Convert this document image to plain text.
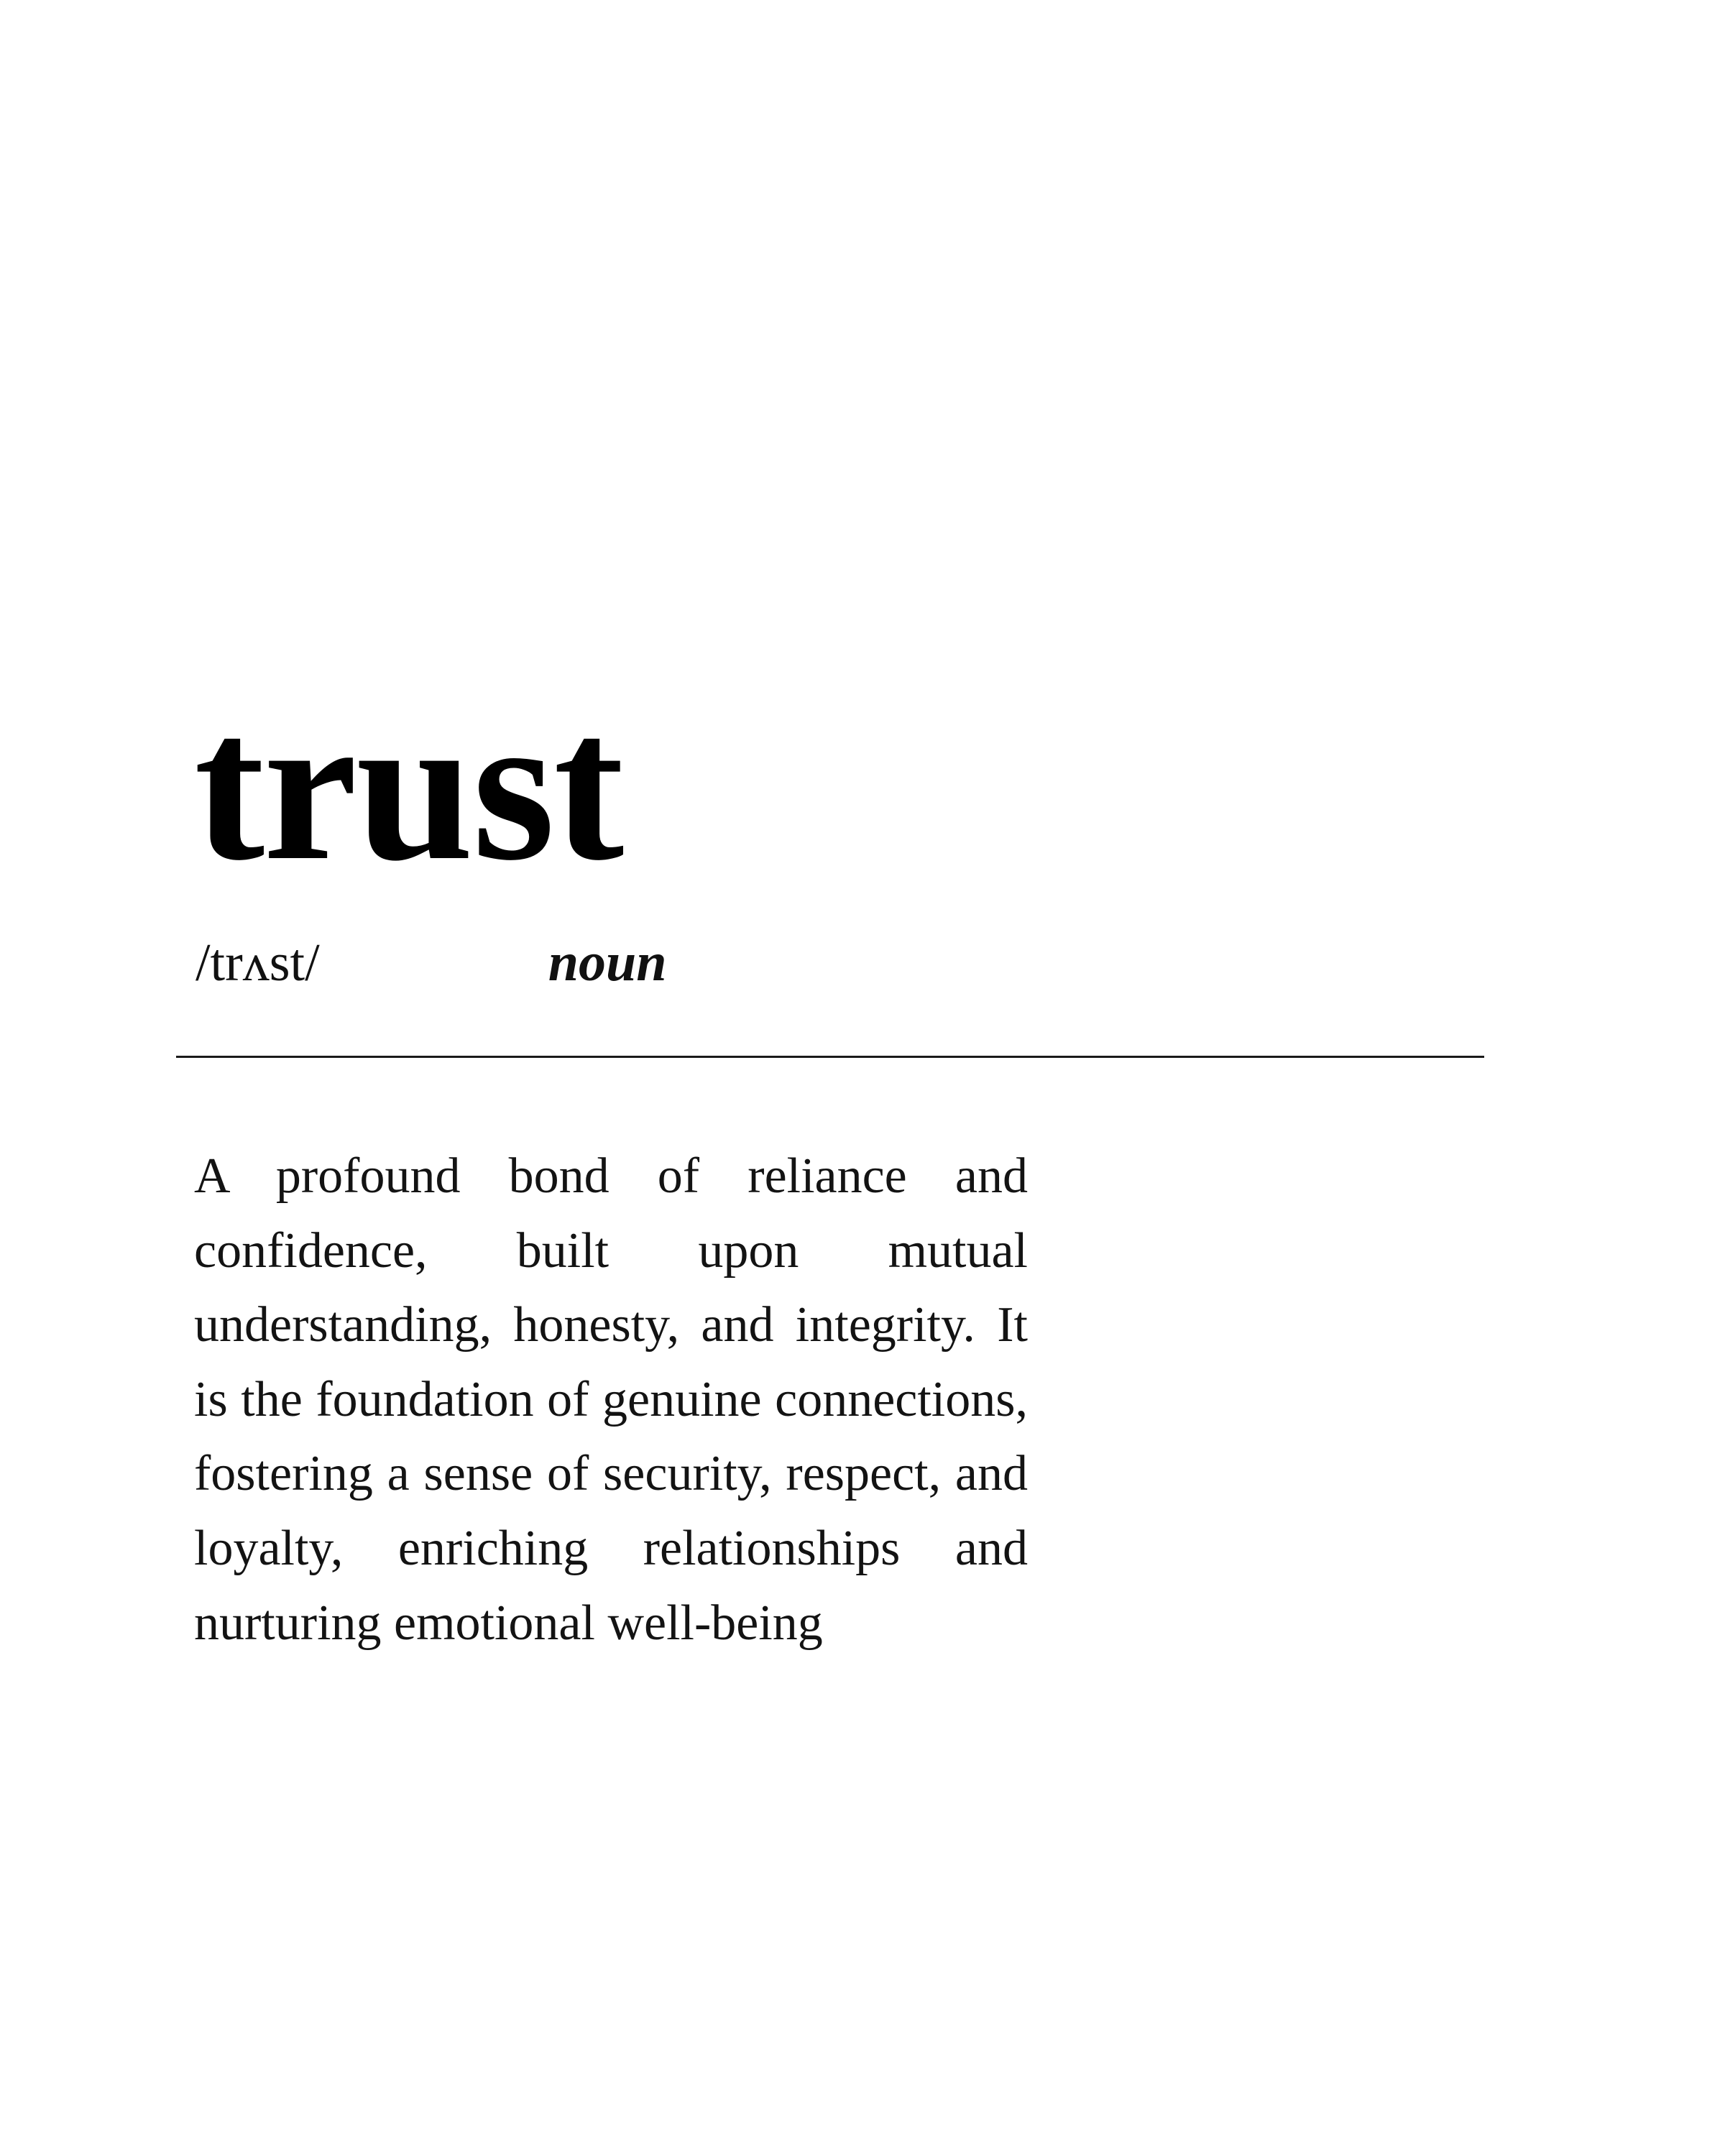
trust
/trʌst/	noun

A profound bond of reliance and confidence, built upon mutual understanding, honesty, and integrity. It is the foundation of genuine connections, fostering a sense of security, respect, and loyalty, enriching relationships and nurturing emotional well-being
